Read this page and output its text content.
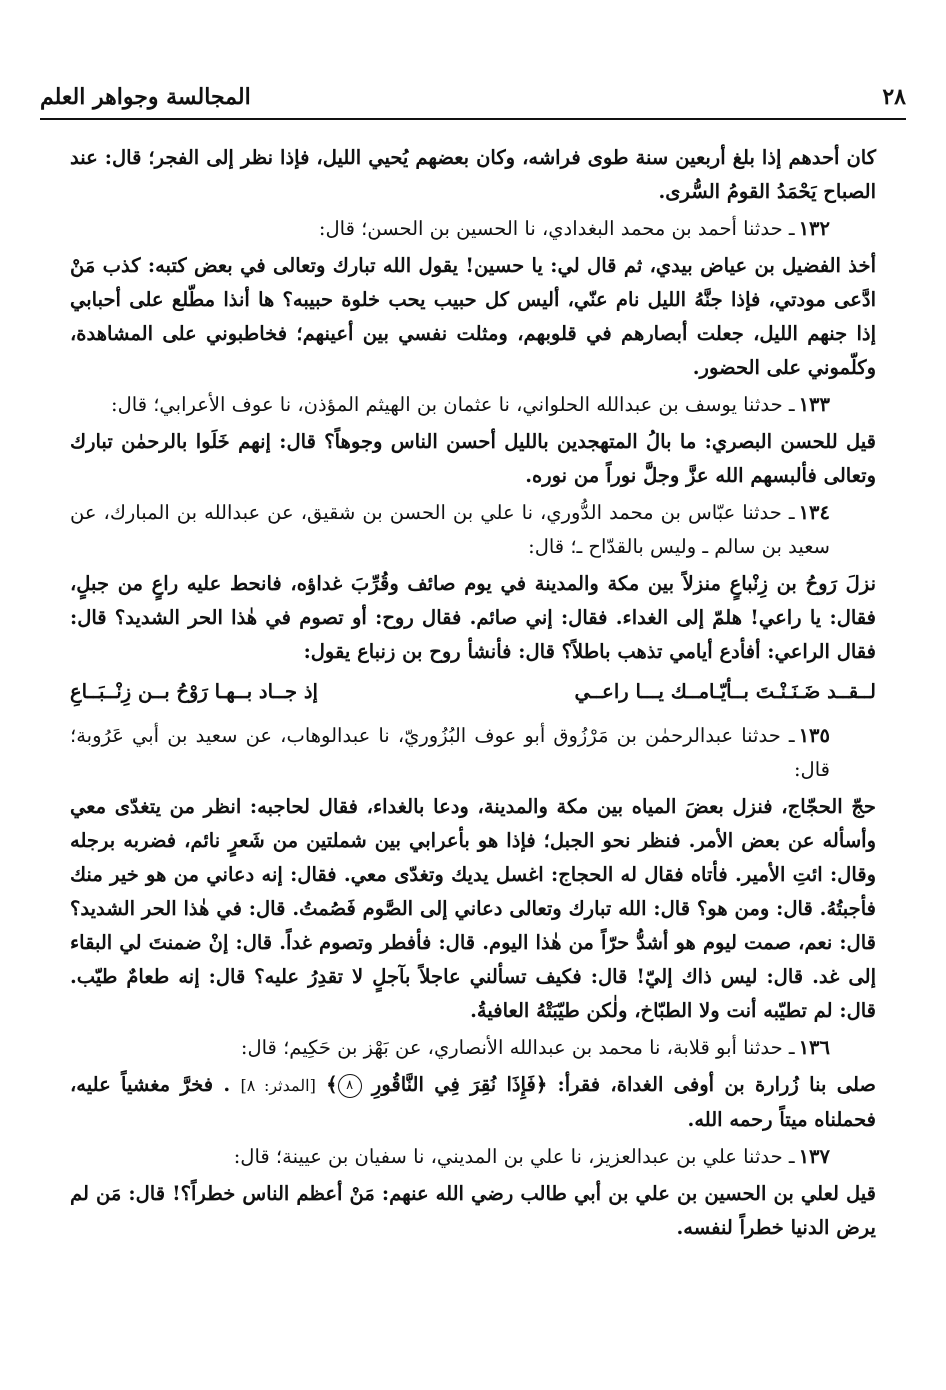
٢٨
المجالسة وجواهر العلم

كان أحدهم إذا بلغ أربعين سنة طوى فراشه، وكان بعضهم يُحيي الليل، فإذا نظر إلى الفجر؛ قال: عند الصباح يَحْمَدُ القومُ السُّرى.

١٣٢ـ حدثنا أحمد بن محمد البغدادي، نا الحسين بن الحسن؛ قال:

أخذ الفضيل بن عياض بيدي، ثم قال لي: يا حسين! يقول الله تبارك وتعالى في بعض كتبه: كذب مَنْ ادَّعى مودتي، فإذا جنَّهُ الليل نام عنّي، أليس كل حبيب يحب خلوة حبيبه؟ ها أنذا مطّلع على أحبابي إذا جنهم الليل، جعلت أبصارهم في قلوبهم، ومثلت نفسي بين أعينهم؛ فخاطبوني على المشاهدة، وكلّموني على الحضور.

١٣٣ـ حدثنا يوسف بن عبدالله الحلواني، نا عثمان بن الهيثم المؤذن، نا عوف الأعرابي؛ قال:

قيل للحسن البصري: ما بالُ المتهجدين بالليل أحسن الناس وجوهاً؟ قال: إنهم خَلَوا بالرحمٰن تبارك وتعالى فألبسهم الله عزَّ وجلَّ نوراً من نوره.

١٣٤ـ حدثنا عبّاس بن محمد الدُّوري، نا علي بن الحسن بن شقيق، عن عبدالله بن المبارك، عن سعيد بن سالم ـ وليس بالقدّاح ـ؛ قال:

نزلَ رَوحُ بن زِنْباعٍ منزلاً بين مكة والمدينة في يوم صائف وقُرِّبَ غداؤه، فانحط عليه راعٍ من جبلٍ، فقال: يا راعي! هلمّ إلى الغداء. فقال: إني صائم. فقال روح: أو تصوم في هٰذا الحر الشديد؟ قال: فقال الراعي: أفأدع أيامي تذهب باطلاً؟ قال: فأنشأ روح بن زنباع يقول:

لــقــد ضَـنَـنْـتَ بــأيّـامــك يـــا راعــي
إذ جــاد بــهـا رَوْحُ بــن زِنْــبَــاعِ

١٣٥ـ حدثنا عبدالرحمٰن بن مَرْزُوق أبو عوف البُزُوريّ، نا عبدالوهاب، عن سعيد بن أبي عَرُوبة؛ قال:

حجّ الحجّاج، فنزل بعضَ المياه بين مكة والمدينة، ودعا بالغداء، فقال لحاجبه: انظر من يتغدّى معي وأسأله عن بعض الأمر. فنظر نحو الجبل؛ فإذا هو بأعرابي بين شملتين من شَعرٍ نائم، فضربه برجله وقال: ائتِ الأمير. فأتاه فقال له الحجاج: اغسل يديك وتغدّى معي. فقال: إنه دعاني من هو خير منك فأجبتُهُ. قال: ومن هو؟ قال: الله تبارك وتعالى دعاني إلى الصَّوم فَصُمتُ. قال: في هٰذا الحر الشديد؟ قال: نعم، صمت ليوم هو أشدُّ حرّاً من هٰذا اليوم. قال: فأفطر وتصوم غداً. قال: إنْ ضمنتَ لي البقاء إلى غد. قال: ليس ذاك إليّ! قال: فكيف تسألني عاجلاً بآجلٍ لا تقدِرُ عليه؟ قال: إنه طعامٌ طيّب. قال: لم تطيّبه أنت ولا الطبّاخ، ولٰكن طيّبَتْهُ العافيةُ.

١٣٦ـ حدثنا أبو قلابة، نا محمد بن عبدالله الأنصاري، عن بَهْز بن حَكِيم؛ قال:

صلى بنا زُرارة بن أوفى الغداة، فقرأ: ﴿فَإِذَا نُقِرَ فِي النَّاقُورِ ٨﴾ [المدثر: ٨] . فخرَّ مغشياً عليه، فحملناه ميتاً رحمه الله.

١٣٧ـ حدثنا علي بن عبدالعزيز، نا علي بن المديني، نا سفيان بن عيينة؛ قال:

قيل لعلي بن الحسين بن علي بن أبي طالب رضي الله عنهم: مَنْ أعظم الناس خطراً؟! قال: مَن لم يرض الدنيا خطراً لنفسه.
